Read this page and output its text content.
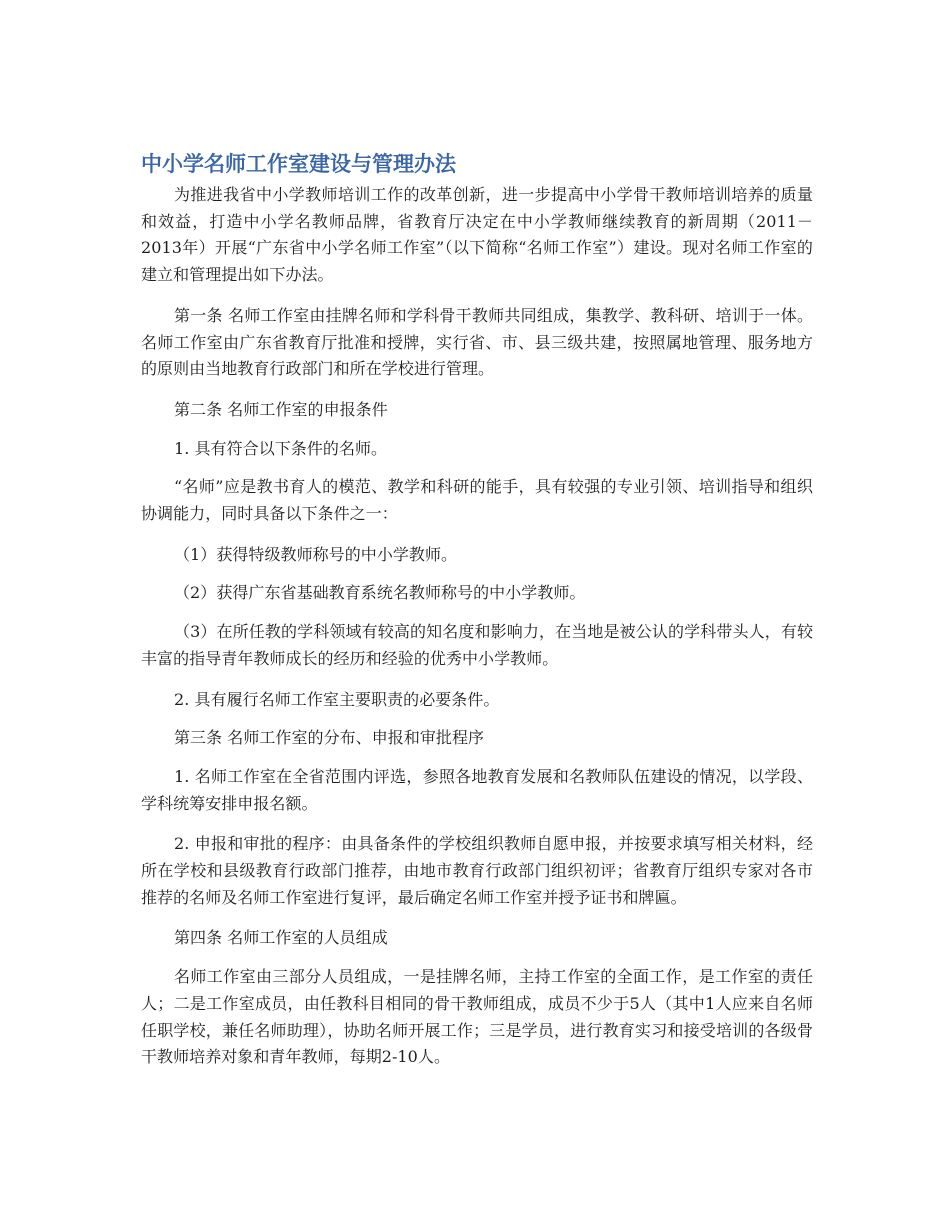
中小学名师工作室建设与管理办法

为推进我省中小学教师培训工作的改革创新，进一步提高中小学骨干教师培训培养的质量和效益，打造中小学名教师品牌，省教育厅决定在中小学教师继续教育的新周期（2011－2013年）开展“广东省中小学名师工作室”（以下简称“名师工作室”）建设。现对名师工作室的建立和管理提出如下办法。

第一条 名师工作室由挂牌名师和学科骨干教师共同组成，集教学、教科研、培训于一体。名师工作室由广东省教育厅批准和授牌，实行省、市、县三级共建，按照属地管理、服务地方的原则由当地教育行政部门和所在学校进行管理。

第二条 名师工作室的申报条件

1. 具有符合以下条件的名师。

“名师”应是教书育人的模范、教学和科研的能手，具有较强的专业引领、培训指导和组织协调能力，同时具备以下条件之一：

（1）获得特级教师称号的中小学教师。

（2）获得广东省基础教育系统名教师称号的中小学教师。

（3）在所任教的学科领域有较高的知名度和影响力，在当地是被公认的学科带头人，有较丰富的指导青年教师成长的经历和经验的优秀中小学教师。

2. 具有履行名师工作室主要职责的必要条件。

第三条 名师工作室的分布、申报和审批程序

1. 名师工作室在全省范围内评选，参照各地教育发展和名教师队伍建设的情况，以学段、学科统筹安排申报名额。

2. 申报和审批的程序：由具备条件的学校组织教师自愿申报，并按要求填写相关材料，经所在学校和县级教育行政部门推荐，由地市教育行政部门组织初评；省教育厅组织专家对各市推荐的名师及名师工作室进行复评，最后确定名师工作室并授予证书和牌匾。

第四条 名师工作室的人员组成

名师工作室由三部分人员组成，一是挂牌名师，主持工作室的全面工作，是工作室的责任人；二是工作室成员，由任教科目相同的骨干教师组成，成员不少于5人（其中1人应来自名师任职学校，兼任名师助理），协助名师开展工作；三是学员，进行教育实习和接受培训的各级骨干教师培养对象和青年教师，每期2-10人。
